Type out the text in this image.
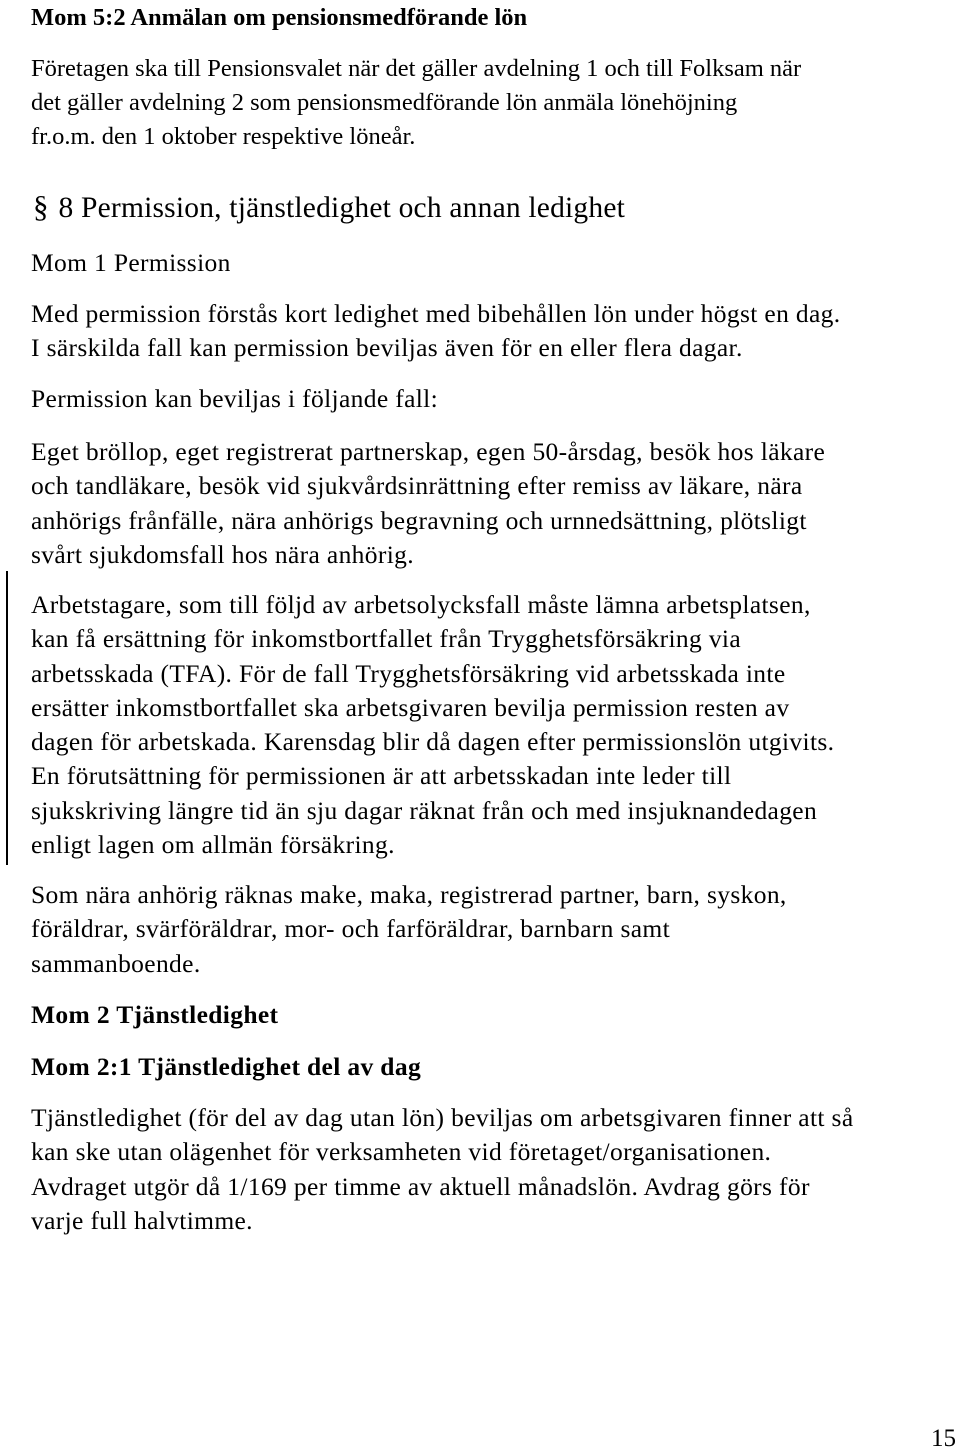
Mom 5:2 Anmälan om pensionsmedförande lön

Företagen ska till Pensionsvalet när det gäller avdelning 1 och till Folksam när
det gäller avdelning 2 som pensionsmedförande lön anmäla lönehöjning
fr.o.m. den 1 oktober respektive löneår.

§ 8 Permission, tjänstledighet och annan ledighet
Mom 1 Permission

Med permission förstås kort ledighet med bibehållen lön under högst en dag.
I särskilda fall kan permission beviljas även för en eller flera dagar.

Permission kan beviljas i följande fall:

Eget bröllop, eget registrerat partnerskap, egen 50-årsdag, besök hos läkare
och tandläkare, besök vid sjukvårdsinrättning efter remiss av läkare, nära
anhörigs frånfälle, nära anhörigs begravning och urnnedsättning, plötsligt
svårt sjukdomsfall hos nära anhörig.

Arbetstagare, som till följd av arbetsolycksfall måste lämna arbetsplatsen,
kan få ersättning för inkomstbortfallet från Trygghetsförsäkring via
arbetsskada (TFA). För de fall Trygghetsförsäkring vid arbetsskada inte
ersätter inkomstbortfallet ska arbetsgivaren bevilja permission resten av
dagen för arbetskada. Karensdag blir då dagen efter permissionslön utgivits.
En förutsättning för permissionen är att arbetsskadan inte leder till
sjukskriving längre tid än sju dagar räknat från och med insjuknandedagen
enligt lagen om allmän försäkring.

Som nära anhörig räknas make, maka, registrerad partner, barn, syskon,
föräldrar, svärföräldrar, mor- och farföräldrar, barnbarn samt
sammanboende.

Mom 2 Tjänstledighet
Mom 2:1 Tjänstledighet del av dag

Tjänstledighet (för del av dag utan lön) beviljas om arbetsgivaren finner att så
kan ske utan olägenhet för verksamheten vid företaget/organisationen.
Avdraget utgör då 1/169 per timme av aktuell månadslön. Avdrag görs för
varje full halvtimme.

15
